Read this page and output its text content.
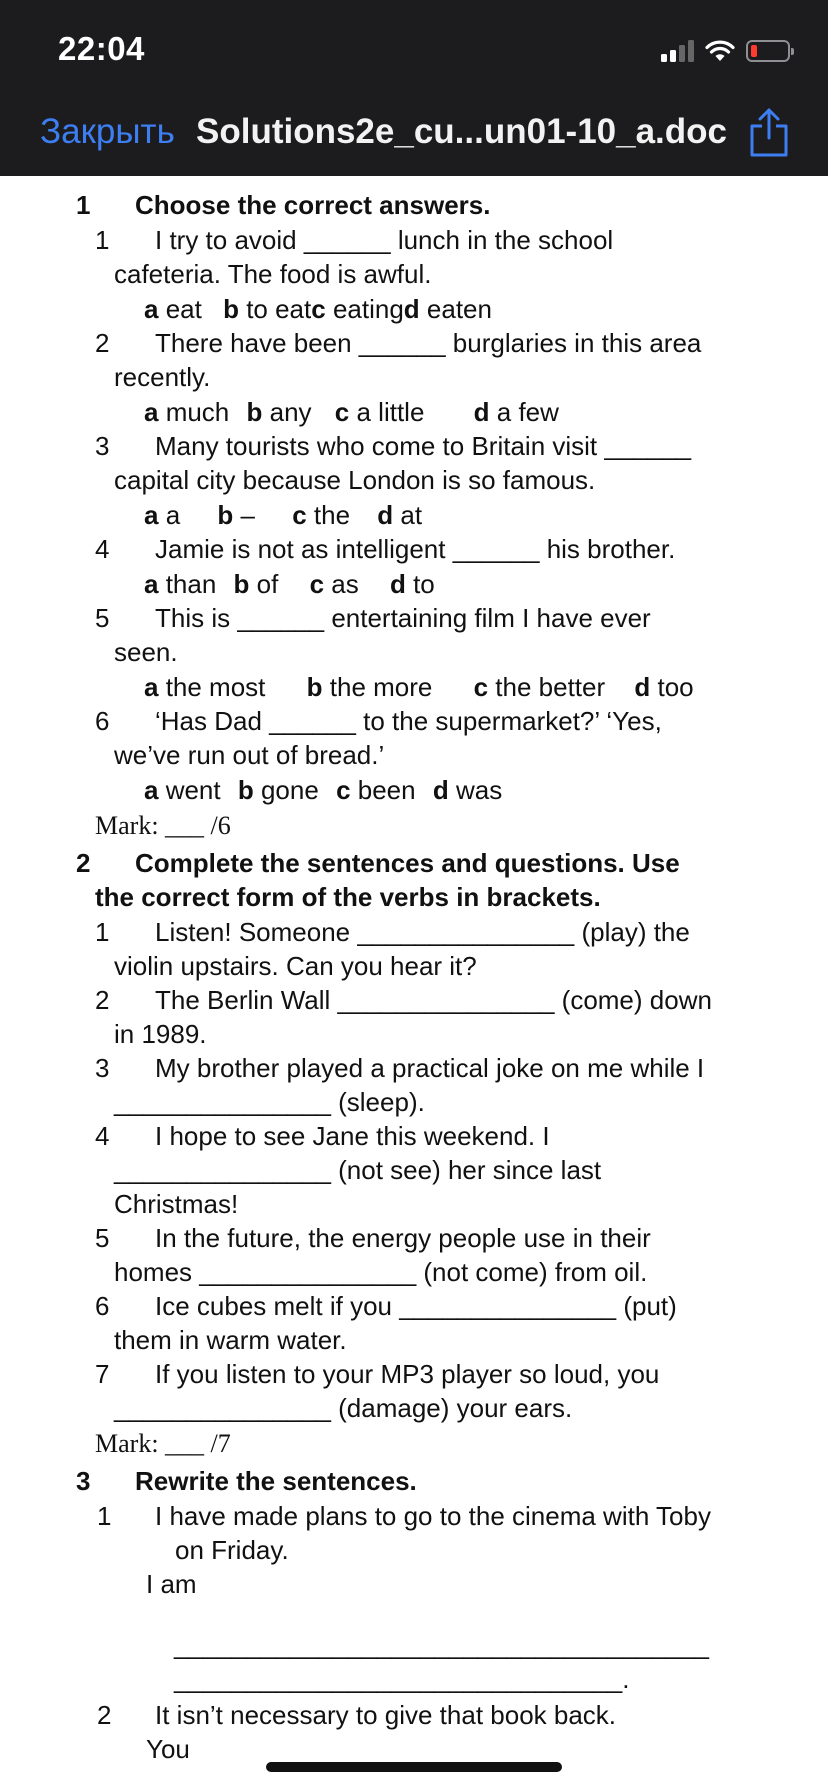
22:04
Закрыть Solutions2e_cu...un01-10_a.doc
1 Choose the correct answers.
1 I try to avoid ______ lunch in the school
cafeteria. The food is awful.
a eat b to eatc eatingd eaten
2 There have been ______ burglaries in this area
recently.
a much b any c a little d a few
3 Many tourists who come to Britain visit ______
capital city because London is so famous.
a a b – c the d at
4 Jamie is not as intelligent ______ his brother.
a than b of c as d to
5 This is ______ entertaining film I have ever
seen.
a the most b the more c the better d too
6 ‘Has Dad ______ to the supermarket?’ ‘Yes,
we’ve run out of bread.’
a went b gone c been d was
Mark: ___ /6
2 Complete the sentences and questions. Use
the correct form of the verbs in brackets.
1 Listen! Someone _______________ (play) the
violin upstairs. Can you hear it?
2 The Berlin Wall _______________ (come) down
in 1989.
3 My brother played a practical joke on me while I
_______________ (sleep).
4 I hope to see Jane this weekend. I
_______________ (not see) her since last
Christmas!
5 In the future, the energy people use in their
homes _______________ (not come) from oil.
6 Ice cubes melt if you _______________ (put)
them in warm water.
7 If you listen to your MP3 player so loud, you
_______________ (damage) your ears.
Mark: ___ /7
3 Rewrite the sentences.
1 I have made plans to go to the cinema with Toby
on Friday.
I am
_____________________________________
_______________________________.
2 It isn’t necessary to give that book back.
You
